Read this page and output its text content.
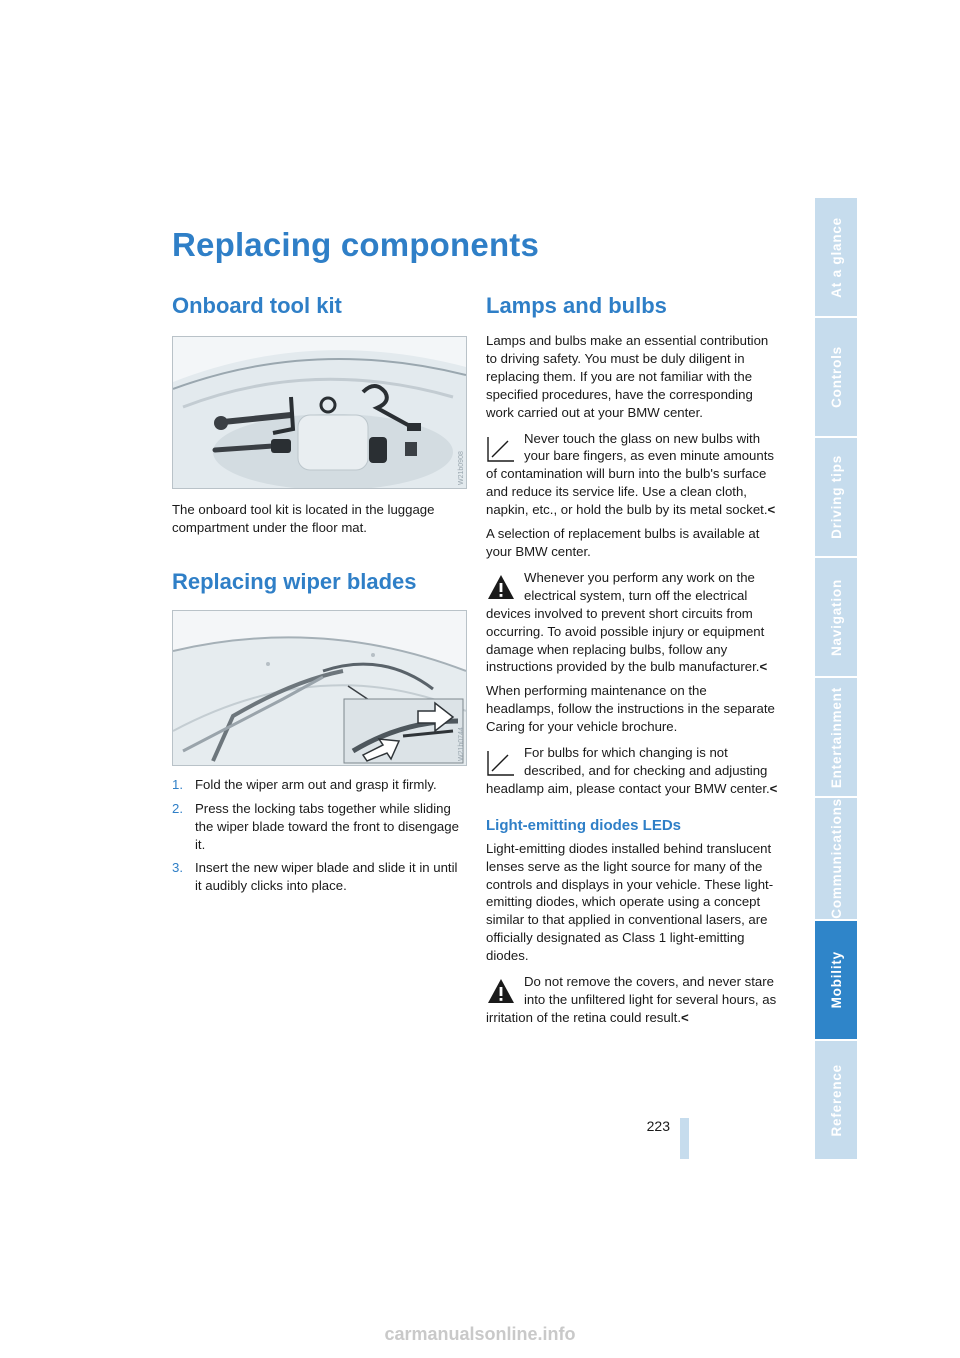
Replacing components
Onboard tool kit
W21b0908

The onboard tool kit is located in the luggage compartment under the floor mat.

Replacing wiper blades
W21b0744
1. Fold the wiper arm out and grasp it firmly.
2. Press the locking tabs together while sliding the wiper blade toward the front to disengage it.
3. Insert the new wiper blade and slide it in until it audibly clicks into place.
Lamps and bulbs

Lamps and bulbs make an essential contribution to driving safety. You must be duly diligent in replacing them. If you are not familiar with the specified procedures, have the corresponding work carried out at your BMW center.

Never touch the glass on new bulbs with your bare fingers, as even minute amounts of contamination will burn into the bulb's surface and reduce its service life. Use a clean cloth, napkin, etc., or hold the bulb by its metal socket.<

A selection of replacement bulbs is available at your BMW center.

Whenever you perform any work on the electrical system, turn off the electrical devices involved to prevent short circuits from occurring. To avoid possible injury or equipment damage when replacing bulbs, follow any instructions provided by the bulb manufacturer.<

When performing maintenance on the headlamps, follow the instructions in the separate Caring for your vehicle brochure.

For bulbs for which changing is not described, and for checking and adjusting headlamp aim, please contact your BMW center.<
Light-emitting diodes LEDs

Light-emitting diodes installed behind translucent lenses serve as the light source for many of the controls and displays in your vehicle. These light-emitting diodes, which operate using a concept similar to that applied in conventional lasers, are officially designated as Class 1 light-emitting diodes.

Do not remove the covers, and never stare into the unfiltered light for several hours, as irritation of the retina could result.<
At a glance
Controls
Driving tips
Navigation
Entertainment
Communications
Mobility
Reference
223
carmanualsonline.info
